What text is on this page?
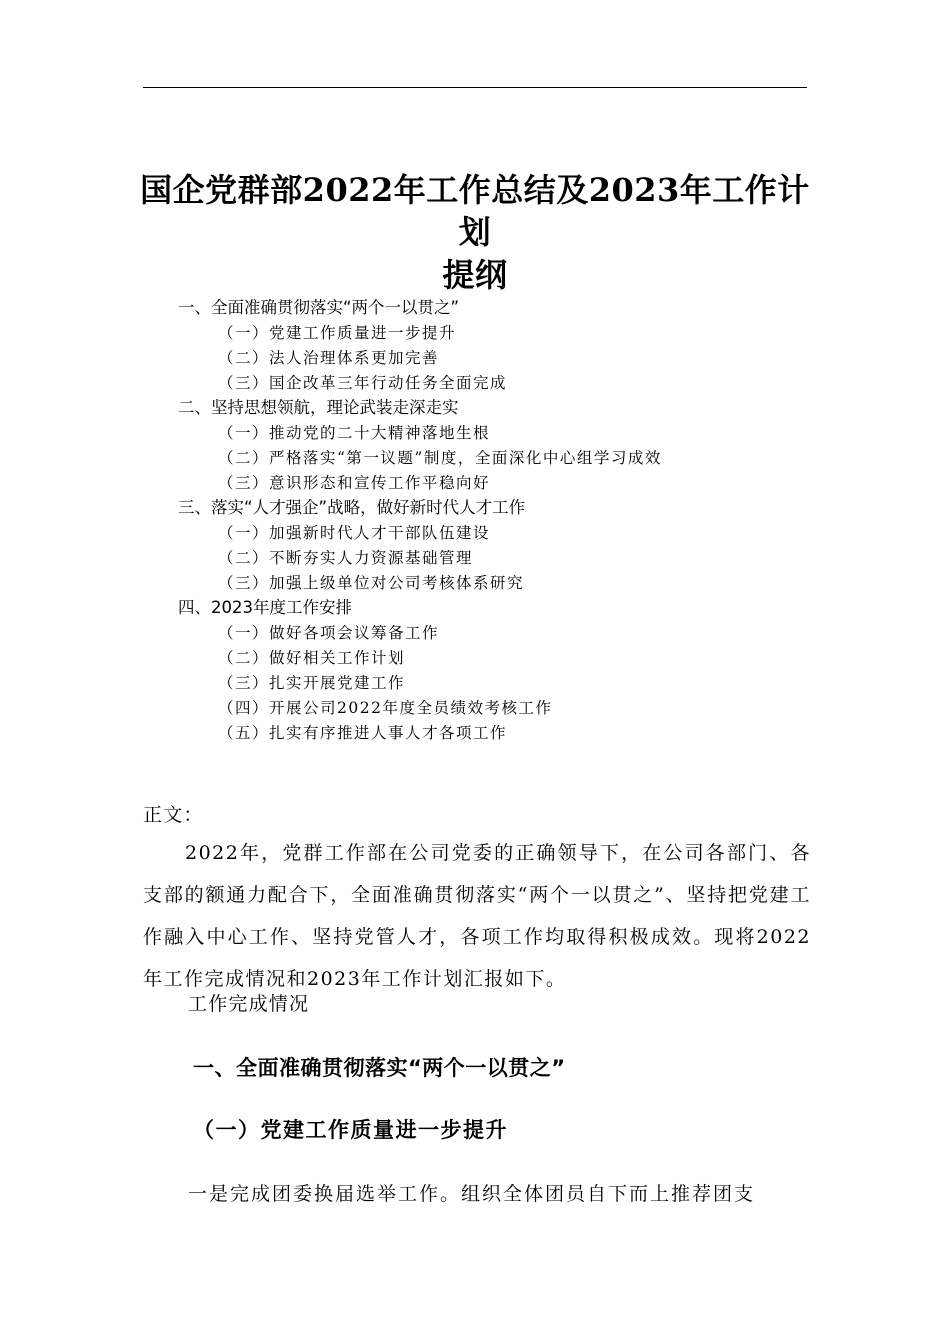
国企党群部2022年工作总结及2023年工作计
划
提纲
一、全面准确贯彻落实“两个一以贯之”
（一）党建工作质量进一步提升
（二）法人治理体系更加完善
（三）国企改革三年行动任务全面完成
二、坚持思想领航，理论武装走深走实
（一）推动党的二十大精神落地生根
（二）严格落实“第一议题”制度，全面深化中心组学习成效
（三）意识形态和宣传工作平稳向好
三、落实“人才强企”战略，做好新时代人才工作
（一）加强新时代人才干部队伍建设
（二）不断夯实人力资源基础管理
（三）加强上级单位对公司考核体系研究
四、2023年度工作安排
（一）做好各项会议筹备工作
（二）做好相关工作计划
（三）扎实开展党建工作
（四）开展公司2022年度全员绩效考核工作
（五）扎实有序推进人事人才各项工作
正文：
2022年，党群工作部在公司党委的正确领导下，在公司各部门、各支部的额通力配合下，全面准确贯彻落实“两个一以贯之”、坚持把党建工作融入中心工作、坚持党管人才，各项工作均取得积极成效。现将2022年工作完成情况和2023年工作计划汇报如下。
工作完成情况
一、全面准确贯彻落实“两个一以贯之”
（一）党建工作质量进一步提升
一是完成团委换届选举工作。组织全体团员自下而上推荐团支
